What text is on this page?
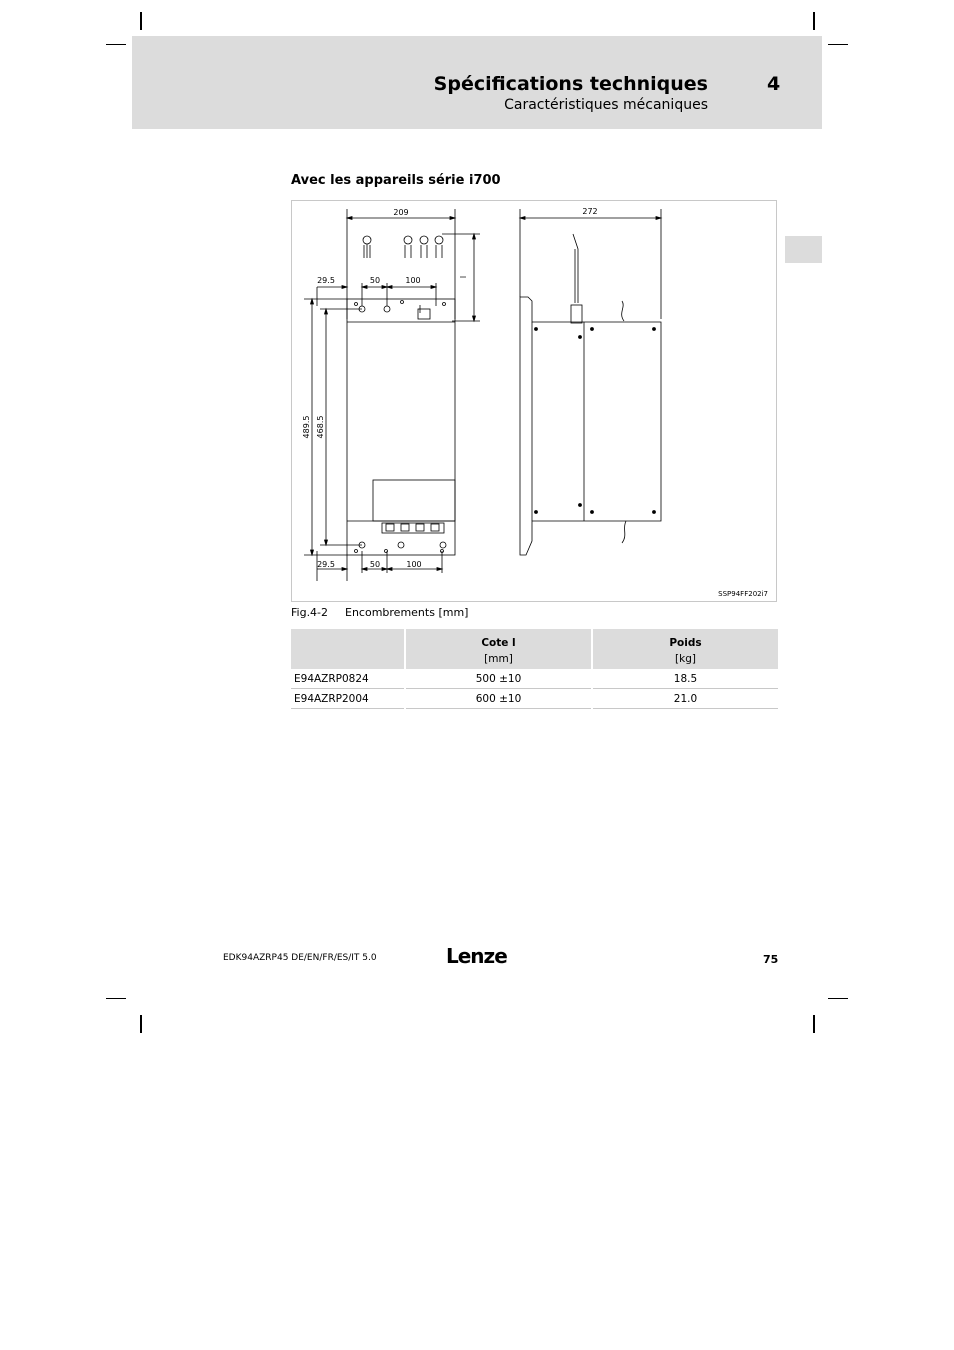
Spécifications techniques	4
Caractéristiques mécaniques
Avec les appareils série i700
209	272
29.5	50	100
29.5	50	100
489.5 468.5
l
SSP94FF202i7
Fig.4-2 Encombrements [mm]
	Cote l	Poids
	[mm]	[kg]
E94AZRP0824	500 ±10	18.5
E94AZRP2004	600 ±10	21.0
EDK94AZRP45 DE/EN/FR/ES/IT 5.0	Lenze	75
